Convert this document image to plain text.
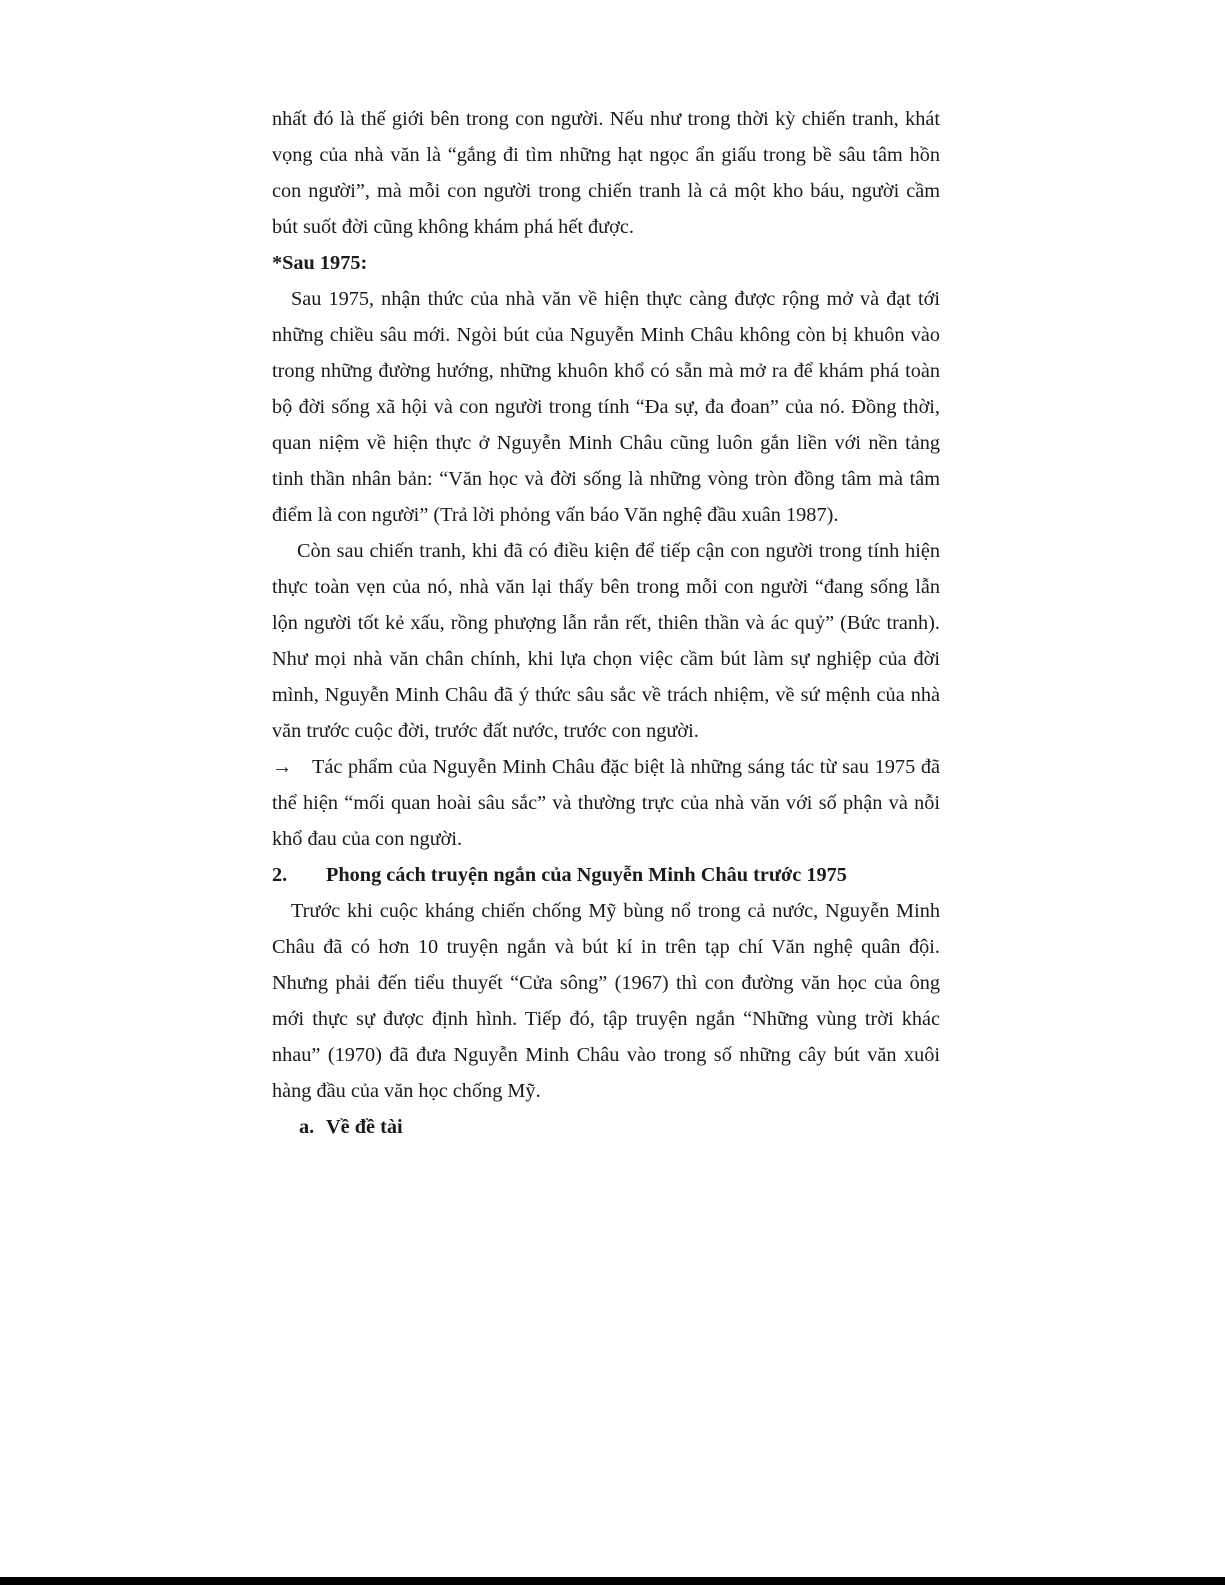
nhất đó là thế giới bên trong con người. Nếu như trong thời kỳ chiến tranh, khát vọng của nhà văn là “gắng đi tìm những hạt ngọc ẩn giấu trong bề sâu tâm hồn con người”, mà mỗi con người trong chiến tranh là cả một kho báu, người cầm bút suốt đời cũng không khám phá hết được.

*Sau 1975:

Sau 1975, nhận thức của nhà văn về hiện thực càng được rộng mở và đạt tới những chiều sâu mới. Ngòi bút của Nguyễn Minh Châu không còn bị khuôn vào trong những đường hướng, những khuôn khổ có sẵn mà mở ra để khám phá toàn bộ đời sống xã hội và con người trong tính “Đa sự, đa đoan” của nó. Đồng thời, quan niệm về hiện thực ở Nguyễn Minh Châu cũng luôn gắn liền với nền tảng tinh thần nhân bản: “Văn học và đời sống là những vòng tròn đồng tâm mà tâm điểm là con người” (Trả lời phỏng vấn báo Văn nghệ đầu xuân 1987).

Còn sau chiến tranh, khi đã có điều kiện để tiếp cận con người trong tính hiện thực toàn vẹn của nó, nhà văn lại thấy bên trong mỗi con người “đang sống lẫn lộn người tốt kẻ xấu, rồng phượng lẫn rắn rết, thiên thần và ác quỷ” (Bức tranh). Như mọi nhà văn chân chính, khi lựa chọn việc cầm bút làm sự nghiệp của đời mình, Nguyễn Minh Châu đã ý thức sâu sắc về trách nhiệm, về sứ mệnh của nhà văn trước cuộc đời, trước đất nước, trước con người.

→ Tác phẩm của Nguyễn Minh Châu đặc biệt là những sáng tác từ sau 1975 đã thể hiện “mối quan hoài sâu sắc” và thường trực của nhà văn với số phận và nỗi khổ đau của con người.

2.	Phong cách truyện ngắn của Nguyễn Minh Châu trước 1975

Trước khi cuộc kháng chiến chống Mỹ bùng nổ trong cả nước, Nguyễn Minh Châu đã có hơn 10 truyện ngắn và bút kí in trên tạp chí Văn nghệ quân đội. Nhưng phải đến tiểu thuyết “Cửa sông” (1967) thì con đường văn học của ông mới thực sự được định hình. Tiếp đó, tập truyện ngắn “Những vùng trời khác nhau” (1970) đã đưa Nguyễn Minh Châu vào trong số những cây bút văn xuôi hàng đầu của văn học chống Mỹ.

a. Về đề tài
